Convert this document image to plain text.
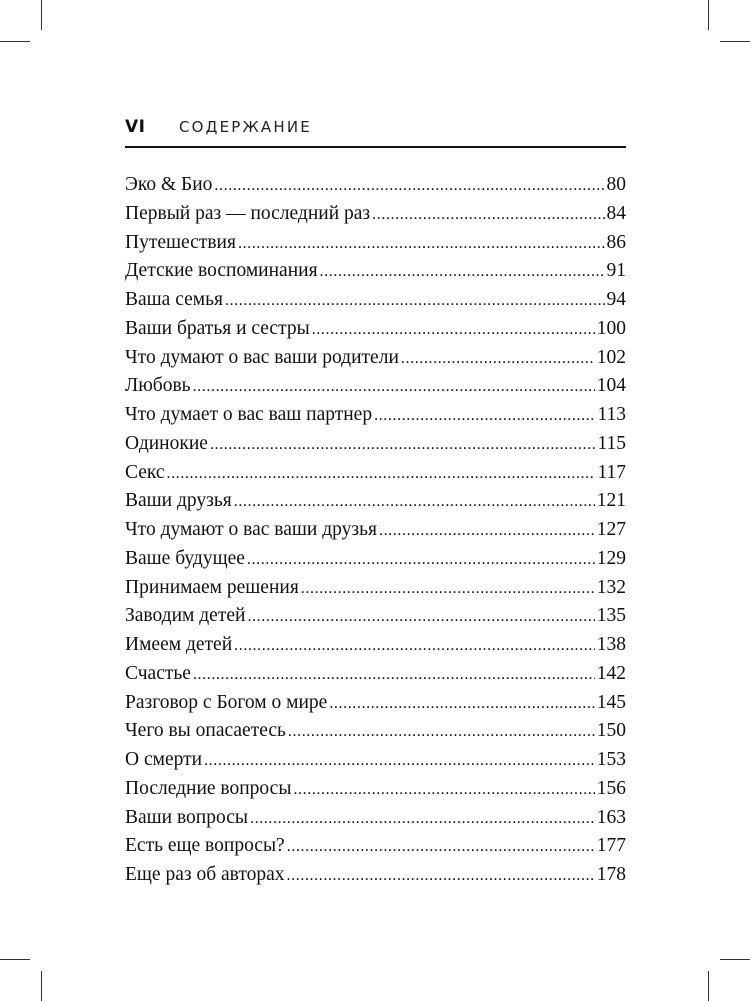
VI СОДЕРЖАНИЕ
Эко & Био .....	80
Первый раз — последний раз .....	84
Путешествия .....	86
Детские воспоминания .....	91
Ваша семья .....	94
Ваши братья и сестры .....	100
Что думают о вас ваши родители .....	102
Любовь .....	104
Что думает о вас ваш партнер .....	113
Одинокие .....	115
Секс .....	117
Ваши друзья .....	121
Что думают о вас ваши друзья .....	127
Ваше будущее .....	129
Принимаем решения .....	132
Заводим детей .....	135
Имеем детей .....	138
Счастье .....	142
Разговор с Богом о мире .....	145
Чего вы опасаетесь .....	150
О смерти .....	153
Последние вопросы .....	156
Ваши вопросы .....	163
Есть еще вопросы? .....	177
Еще раз об авторах .....	178
